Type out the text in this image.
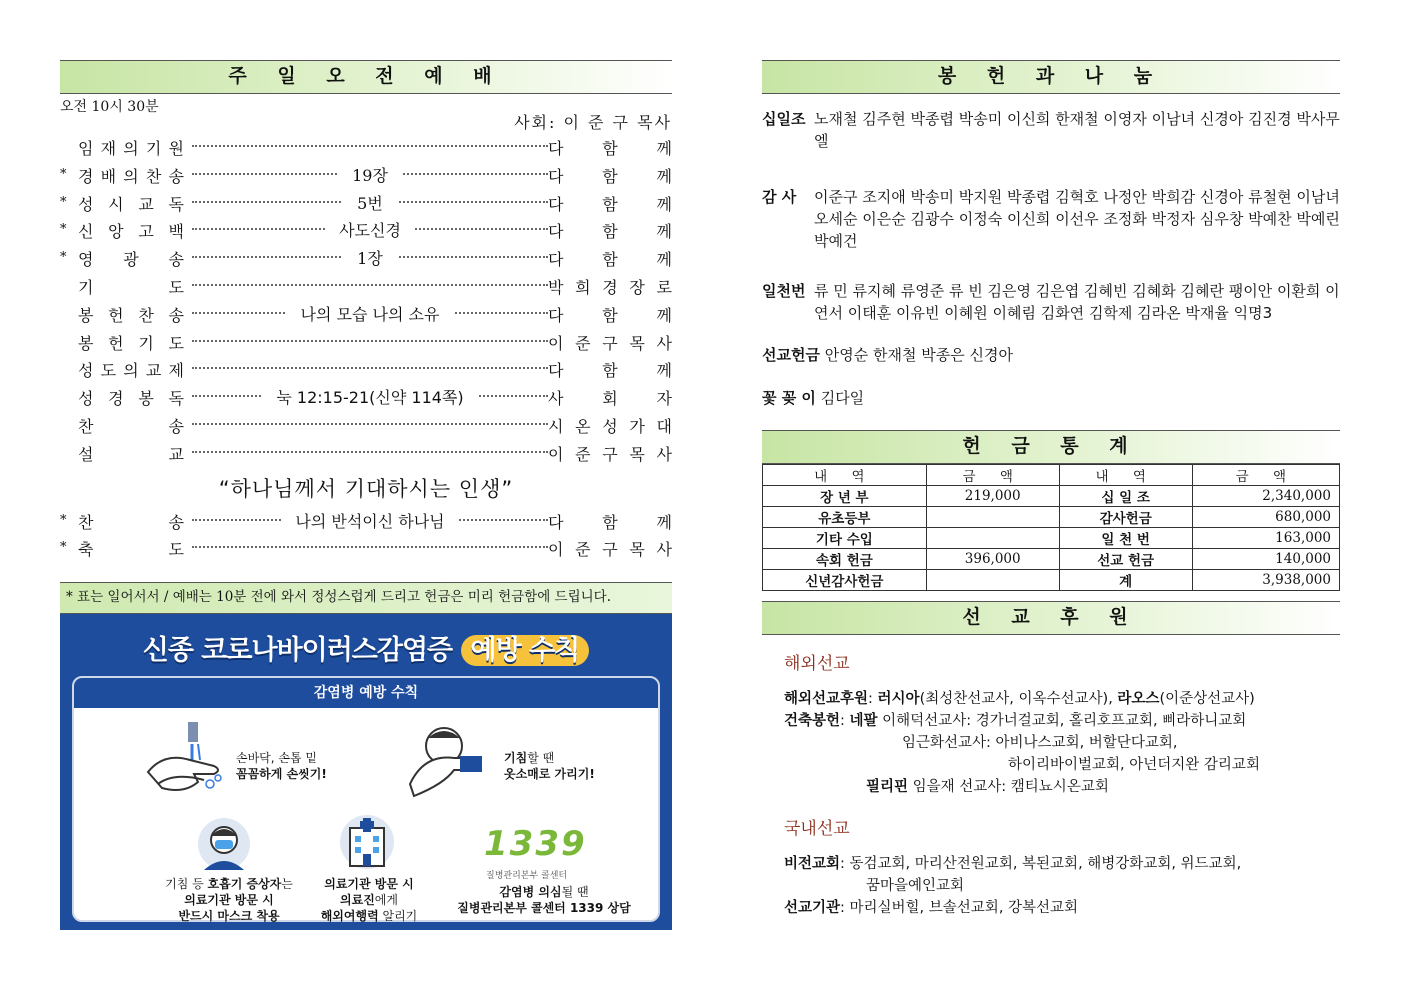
주 일 오 전 예 배
오전 10시 30분
사회: 이 준 구 목사
임 재 의 기 원	다 함 께
* 경 배 의 찬 송	19장	다 함 께
* 성 시 교 독	5번	다 함 께
* 신 앙 고 백	사도신경	다 함 께
* 영 광 송	1장	다 함 께
기	도	박 희 경 장 로
봉 헌 찬 송	나의 모습 나의 소유	다 함 께
봉 헌 기 도	이 준 구 목 사
성 도 의 교 제	다 함 께
성 경 봉 독	눅 12:15-21(신약 114쪽)	사 회 자
찬	송	시 온 성 가 대
설	교	이 준 구 목 사
“하나님께서 기대하시는 인생”
* 찬	송	나의 반석이신 하나님	다 함 께
* 축	도	이 준 구 목 사
* 표는 일어서서 / 예배는 10분 전에 와서 정성스럽게 드리고 헌금은 미리 헌금함에 드립니다.
신종 코로나바이러스감염증 예방 수칙
감염병 예방 수칙
손바닥, 손톱 밑
꼼꼼하게 손씻기!
기침할 땐
옷소매로 가리기!
기침 등 호흡기 증상자는
의료기관 방문 시
반드시 마스크 착용
의료기관 방문 시
의료진에게
해외여행력 알리기
1339
질병관리본부 콜센터
감염병 의심될 땐
질병관리본부 콜센터 1339 상담
봉 헌 과 나 눔
십일조 노재철 김주현 박종렵 박송미 이신희 한재철 이영자 이남녀 신경아 김진경 박사무엘
감 사 이준구 조지애 박송미 박지원 박종렵 김혁호 나정안 박희감 신경아 류철현 이남녀 오세순 이은순 김광수 이정숙 이신희 이선우 조정화 박정자 심우창 박예찬 박예린 박예건
일천번 류 민 류지혜 류영준 류 빈 김은영 김은엽 김혜빈 김혜화 김혜란 팽이안 이환희 이연서 이태훈 이유빈 이혜원 이혜림 김화연 김학제 김라온 박재율 익명3
선교헌금 안영순 한재철 박종은 신경아
꽃 꽂 이 김다일
헌 금 통 계
내 역	금 액	내 역	금 액
장 년 부	219,000	십 일 조	2,340,000
유초등부		감사헌금	680,000
기타 수입		일 천 번	163,000
속회 헌금	396,000	선교 헌금	140,000
신년감사헌금		계	3,938,000
선 교 후 원
해외선교
해외선교후원: 러시아(최성찬선교사, 이옥수선교사), 라오스(이준상선교사)
건축봉헌: 네팔 이해덕선교사: 경가너걸교회, 홀리호프교회, 삐라하니교회
임근화선교사: 아비나스교회, 버할단다교회,
하이리바이벌교회, 아넌더지완 감리교회
필리핀 임을재 선교사: 캠티뇨시온교회
국내선교
비전교회: 동검교회, 마리산전원교회, 복된교회, 해병강화교회, 위드교회,
꿈마을예인교회
선교기관: 마리실버힐, 브솔선교회, 강복선교회
